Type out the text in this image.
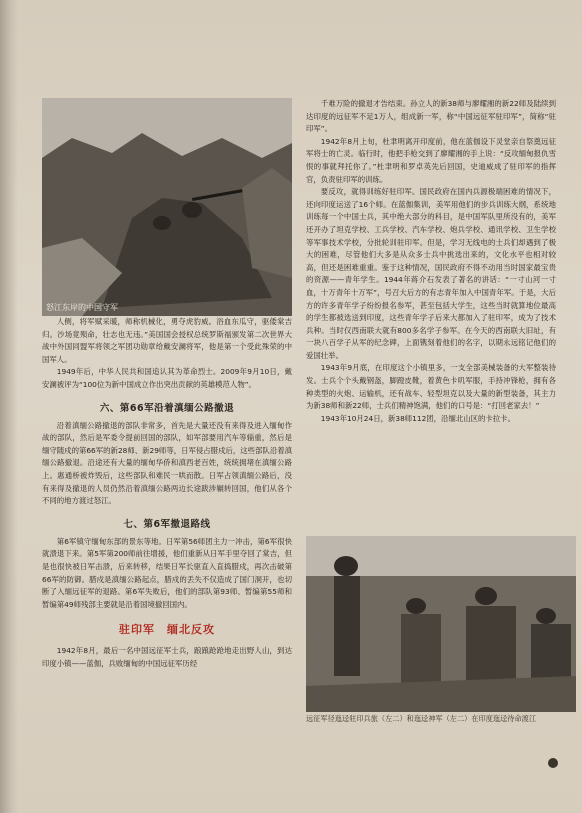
怒江东岸的中国守军

人侧，将军赋采暖，师称机械化，勇夺虎豹威。浴血东瓜守，驱倭棠吉归。沙场竟殒命，壮志也无违。”美国国会授权总统罗斯福颁发第二次世界大战中外国同盟军将领之军团功勋章给戴安澜将军，他是第一个受此殊荣的中国军人。

1949年后，中华人民共和国追认其为革命烈士。2009年9月10日，戴安澜被评为“100位为新中国成立作出突出贡献的英雄模范人物”。

六、第66军沿着滇缅公路撤退

沿着滇缅公路撤退的部队非常多，首先是大量还没有来得及进入缅甸作战的部队，然后是军委令提前回国的部队，如军部要用汽车等辎重，然后是缅守随戍的第66军的新28师、新29师等，日军侵占腊戍后，这些部队沿着滇缅公路撤退。沿途还有大量的缅甸华侨和滇西老百姓，统统拥堵在滇缅公路上。惠通桥被炸毁后，这些部队和难民一哄而散。日军占领滇缅公路后，没有来得及撤退的人员仍然沿着滇缅公路两边长途跋涉辗转回国，他们从各个不同的地方渡过怒江。

七、第6军撤退路线

第6军镇守缅甸东部的景东等地。日军第56师团主力一冲击，第6军很快就溃退下来。第5军第200师前往增援，他们重新从日军手里夺回了棠吉，但是也很快被日军击溃，后来转移，结果日军长驱直入直捣腊戍，再次击破第66军的防御。腊戍是滇缅公路起点，腊戍的丢失不仅造成了国门洞开，也切断了入缅远征军的退路。第6军失败后，他们的部队第93师、暂编第55师和暂编第49师残部主要就是沿着国境撤回国内。

驻印军　缅北反攻

1942年8月，最后一名中国远征军士兵，踉踉跄跄地走出野人山，到达印度小镇——蓝伽，兵败缅甸的中国远征军历经

千难万险的撤退才告结束。孙立人的新38师与廖耀湘的新22师及陆续到达印度的远征军不足1万人，组成新一军，称“中国远征军驻印军”，简称“驻印军”。

1942年8月上旬，杜聿明离开印度前，他在蓝伽设下灵堂亲自祭奠远征军将士的亡灵。临行时，他把手枪交到了廖耀湘的手上说：“反攻缅甸报仇雪恨的事就拜托你了。”杜聿明和罗卓英先后回国，史迪威成了驻印军的指挥官，负责驻印军的训练。

要反攻，就得训练好驻印军。国民政府在国内兵源极端困难的情况下，还向印度运送了16个师。在蓝伽集训，美军用他们的步兵训练大纲，系统地训练每一个中国士兵，其中绝大部分的科目，是中国军队里所没有的，美军还开办了坦克学校、工兵学校、汽车学校、炮兵学校、通讯学校、卫生学校等军事技术学校，分批轮训驻印军。但是，学习无线电的士兵们却遇到了极大的困难，尽管他们大多是从众多士兵中挑选出来的，文化水平也相对较高，但还是困难重重。鉴于这种情况，国民政府不得不动用当时国家最宝贵的资源——青年学生。1944年蒋介石发表了著名的讲话：“一寸山河一寸血，十万青年十万军”，号召大后方的有志青年加入中国青年军。于是，大后方的许多青年学子纷纷报名参军，甚至包括大学生，这些当时就算地位最高的学生都被选送到印度，这些青年学子后来大都加入了驻印军，成为了技术兵种。当时仅西南联大就有800多名学子参军。在今天的西南联大旧址，有一块八百学子从军的纪念碑，上面镌刻着他们的名字，以期永远铭记他们的爱国壮举。

1943年9月底，在印度这个小镇里多，一支全部美械装备的大军整装待发。士兵个个头戴钢盔，脚蹬皮靴，着黄色卡叽军服，手持冲锋枪，拥有各种类型的火炮、运输机，还有战车、轻型坦克以及大量的新型装备，其主力为新38师和新22师，士兵们精神饱满，他们的口号是：“打回老家去！”

1943年10月24日，新38师112团，沿缅北山区的卡拉卡。

远征军径迤迳驻印兵旅（左二）和迤迳神军（左二）在印度迤迳待命渡江
